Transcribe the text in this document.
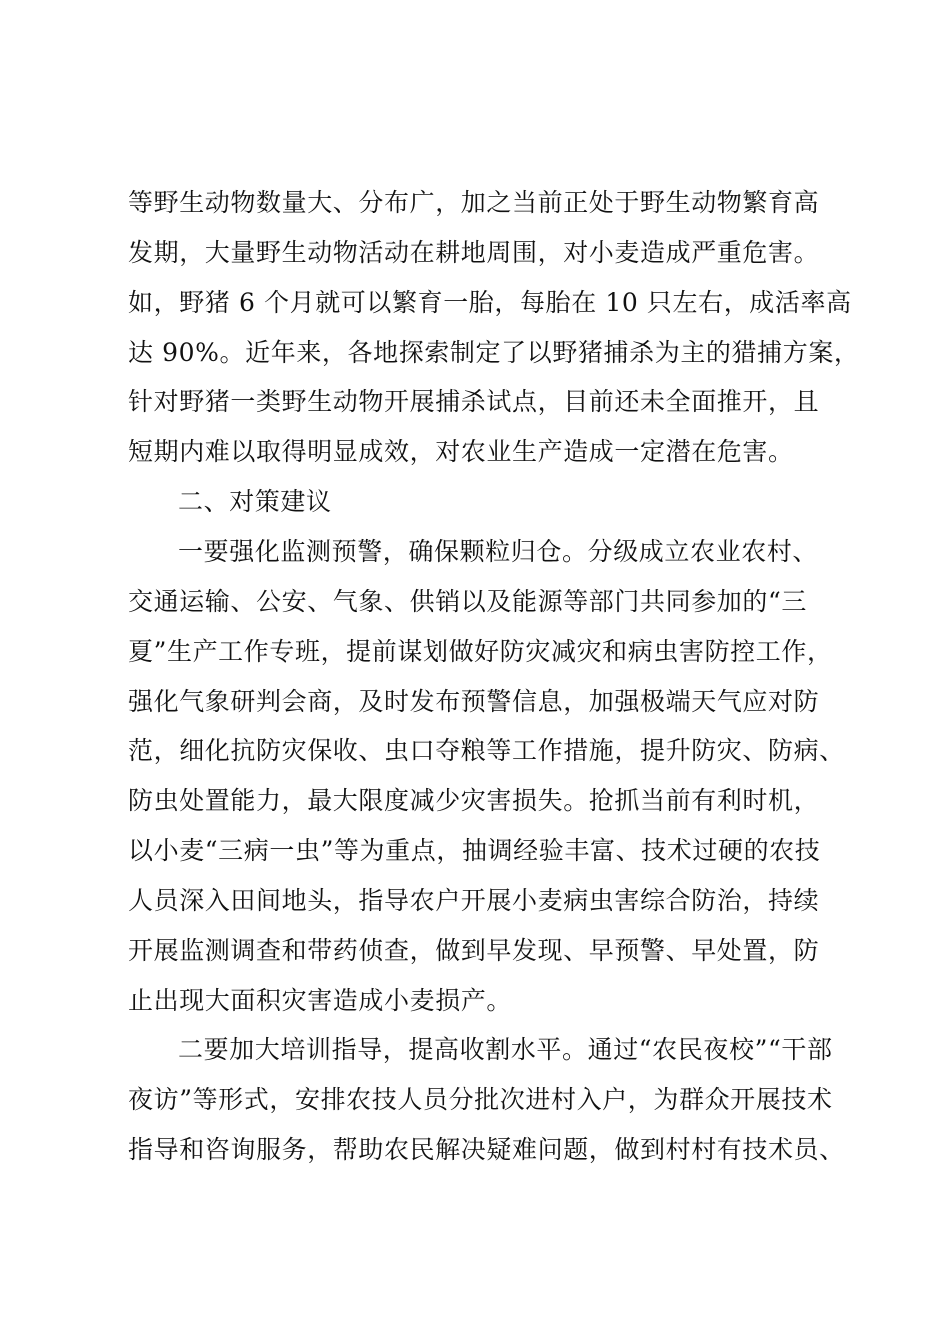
等野生动物数量大、分布广，加之当前正处于野生动物繁育高

发期，大量野生动物活动在耕地周围，对小麦造成严重危害。

如，野猪 6 个月就可以繁育一胎，每胎在 10 只左右，成活率高

达 90%。近年来，各地探索制定了以野猪捕杀为主的猎捕方案，

针对野猪一类野生动物开展捕杀试点，目前还未全面推开，且

短期内难以取得明显成效，对农业生产造成一定潜在危害。

二、对策建议

一要强化监测预警，确保颗粒归仓。分级成立农业农村、

交通运输、公安、气象、供销以及能源等部门共同参加的“三

夏”生产工作专班，提前谋划做好防灾减灾和病虫害防控工作，

强化气象研判会商，及时发布预警信息，加强极端天气应对防

范，细化抗防灾保收、虫口夺粮等工作措施，提升防灾、防病、

防虫处置能力，最大限度减少灾害损失。抢抓当前有利时机，

以小麦“三病一虫”等为重点，抽调经验丰富、技术过硬的农技

人员深入田间地头，指导农户开展小麦病虫害综合防治，持续

开展监测调查和带药侦查，做到早发现、早预警、早处置，防

止出现大面积灾害造成小麦损产。

二要加大培训指导，提高收割水平。通过“农民夜校”“干部

夜访”等形式，安排农技人员分批次进村入户，为群众开展技术

指导和咨询服务，帮助农民解决疑难问题，做到村村有技术员、
